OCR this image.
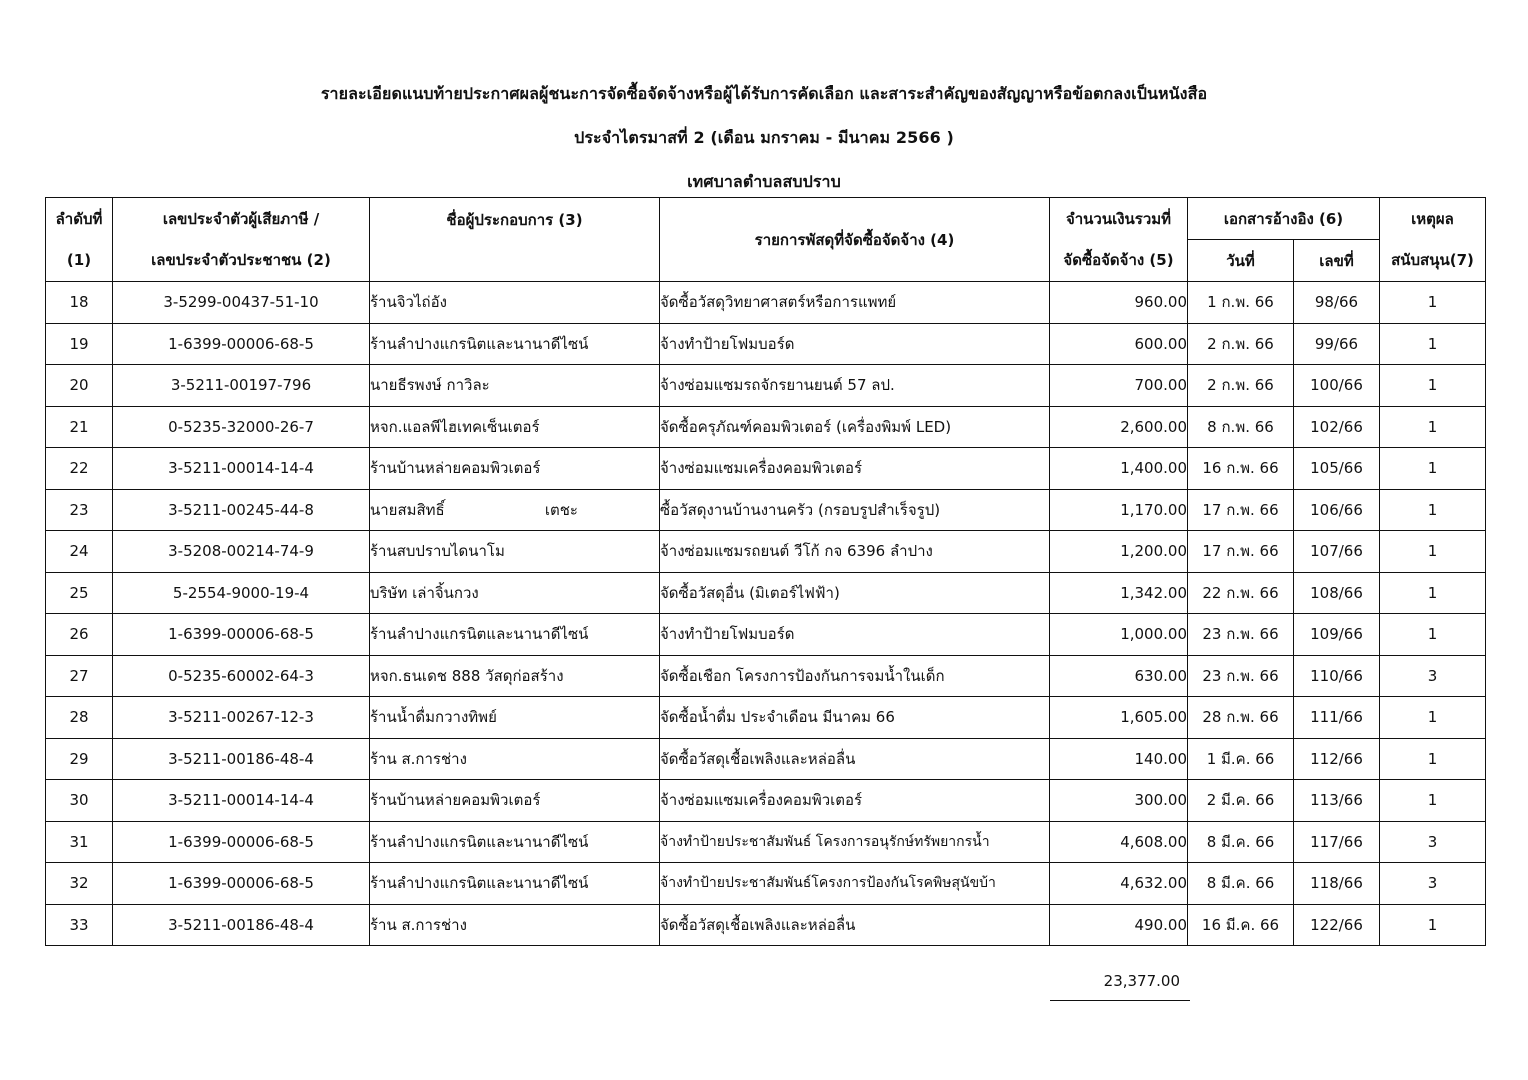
รายละเอียดแนบท้ายประกาศผลผู้ชนะการจัดซื้อจัดจ้างหรือผู้ได้รับการคัดเลือก และสาระสำคัญของสัญญาหรือข้อตกลงเป็นหนังสือ
ประจำไตรมาสที่ 2 (เดือน มกราคม - มีนาคม 2566 )
เทศบาลตำบลสบปราบ
ลำดับที่	เลขประจำตัวผู้เสียภาษี /	ชื่อผู้ประกอบการ (3)	รายการพัสดุที่จัดซื้อจัดจ้าง (4)	จำนวนเงินรวมที่	เอกสารอ้างอิง (6)		เหตุผล
(1)	เลขประจำตัวประชาชน (2)			จัดซื้อจัดจ้าง (5)	วันที่	เลขที่	สนับสนุน(7)
18	3-5299-00437-51-10	ร้านจิวไถ่อัง	จัดซื้อวัสดุวิทยาศาสตร์หรือการแพทย์	960.00	1 ก.พ. 66	98/66	1
19	1-6399-00006-68-5	ร้านลำปางแกรนิตและนานาดีไซน์	จ้างทำป้ายโฟมบอร์ด	600.00	2 ก.พ. 66	99/66	1
20	3-5211-00197-796	นายธีรพงษ์ กาวิละ	จ้างซ่อมแซมรถจักรยานยนต์ 57 ลป.	700.00	2 ก.พ. 66	100/66	1
21	0-5235-32000-26-7	หจก.แอลพีไฮเทคเซ็นเตอร์	จัดซื้อครุภัณฑ์คอมพิวเตอร์ (เครื่องพิมพ์ LED)	2,600.00	8 ก.พ. 66	102/66	1
22	3-5211-00014-14-4	ร้านบ้านหล่ายคอมพิวเตอร์	จ้างซ่อมแซมเครื่องคอมพิวเตอร์	1,400.00	16 ก.พ. 66	105/66	1
23	3-5211-00245-44-8	นายสมสิทธิ์                     เตชะ	ซื้อวัสดุงานบ้านงานครัว (กรอบรูปสำเร็จรูป)	1,170.00	17 ก.พ. 66	106/66	1
24	3-5208-00214-74-9	ร้านสบปราบไดนาโม	จ้างซ่อมแซมรถยนต์ วีโก้ กจ 6396 ลำปาง	1,200.00	17 ก.พ. 66	107/66	1
25	5-2554-9000-19-4	บริษัท เล่าจิ้นกวง	จัดซื้อวัสดุอื่น (มิเตอร์ไฟฟ้า)	1,342.00	22 ก.พ. 66	108/66	1
26	1-6399-00006-68-5	ร้านลำปางแกรนิตและนานาดีไซน์	จ้างทำป้ายโฟมบอร์ด	1,000.00	23 ก.พ. 66	109/66	1
27	0-5235-60002-64-3	หจก.ธนเดช 888 วัสดุก่อสร้าง	จัดซื้อเชือก โครงการป้องกันการจมน้ำในเด็ก	630.00	23 ก.พ. 66	110/66	3
28	3-5211-00267-12-3	ร้านน้ำดื่มกวางทิพย์	จัดซื้อน้ำดื่ม ประจำเดือน มีนาคม 66	1,605.00	28 ก.พ. 66	111/66	1
29	3-5211-00186-48-4	ร้าน ส.การช่าง	จัดซื้อวัสดุเชื้อเพลิงและหล่อลื่น	140.00	1 มี.ค. 66	112/66	1
30	3-5211-00014-14-4	ร้านบ้านหล่ายคอมพิวเตอร์	จ้างซ่อมแซมเครื่องคอมพิวเตอร์	300.00	2 มี.ค. 66	113/66	1
31	1-6399-00006-68-5	ร้านลำปางแกรนิตและนานาดีไซน์	จ้างทำป้ายประชาสัมพันธ์ โครงการอนุรักษ์ทรัพยากรน้ำ	4,608.00	8 มี.ค. 66	117/66	3
32	1-6399-00006-68-5	ร้านลำปางแกรนิตและนานาดีไซน์	จ้างทำป้ายประชาสัมพันธ์โครงการป้องกันโรคพิษสุนัขบ้า	4,632.00	8 มี.ค. 66	118/66	3
33	3-5211-00186-48-4	ร้าน ส.การช่าง	จัดซื้อวัสดุเชื้อเพลิงและหล่อลื่น	490.00	16 มี.ค. 66	122/66	1
23,377.00
